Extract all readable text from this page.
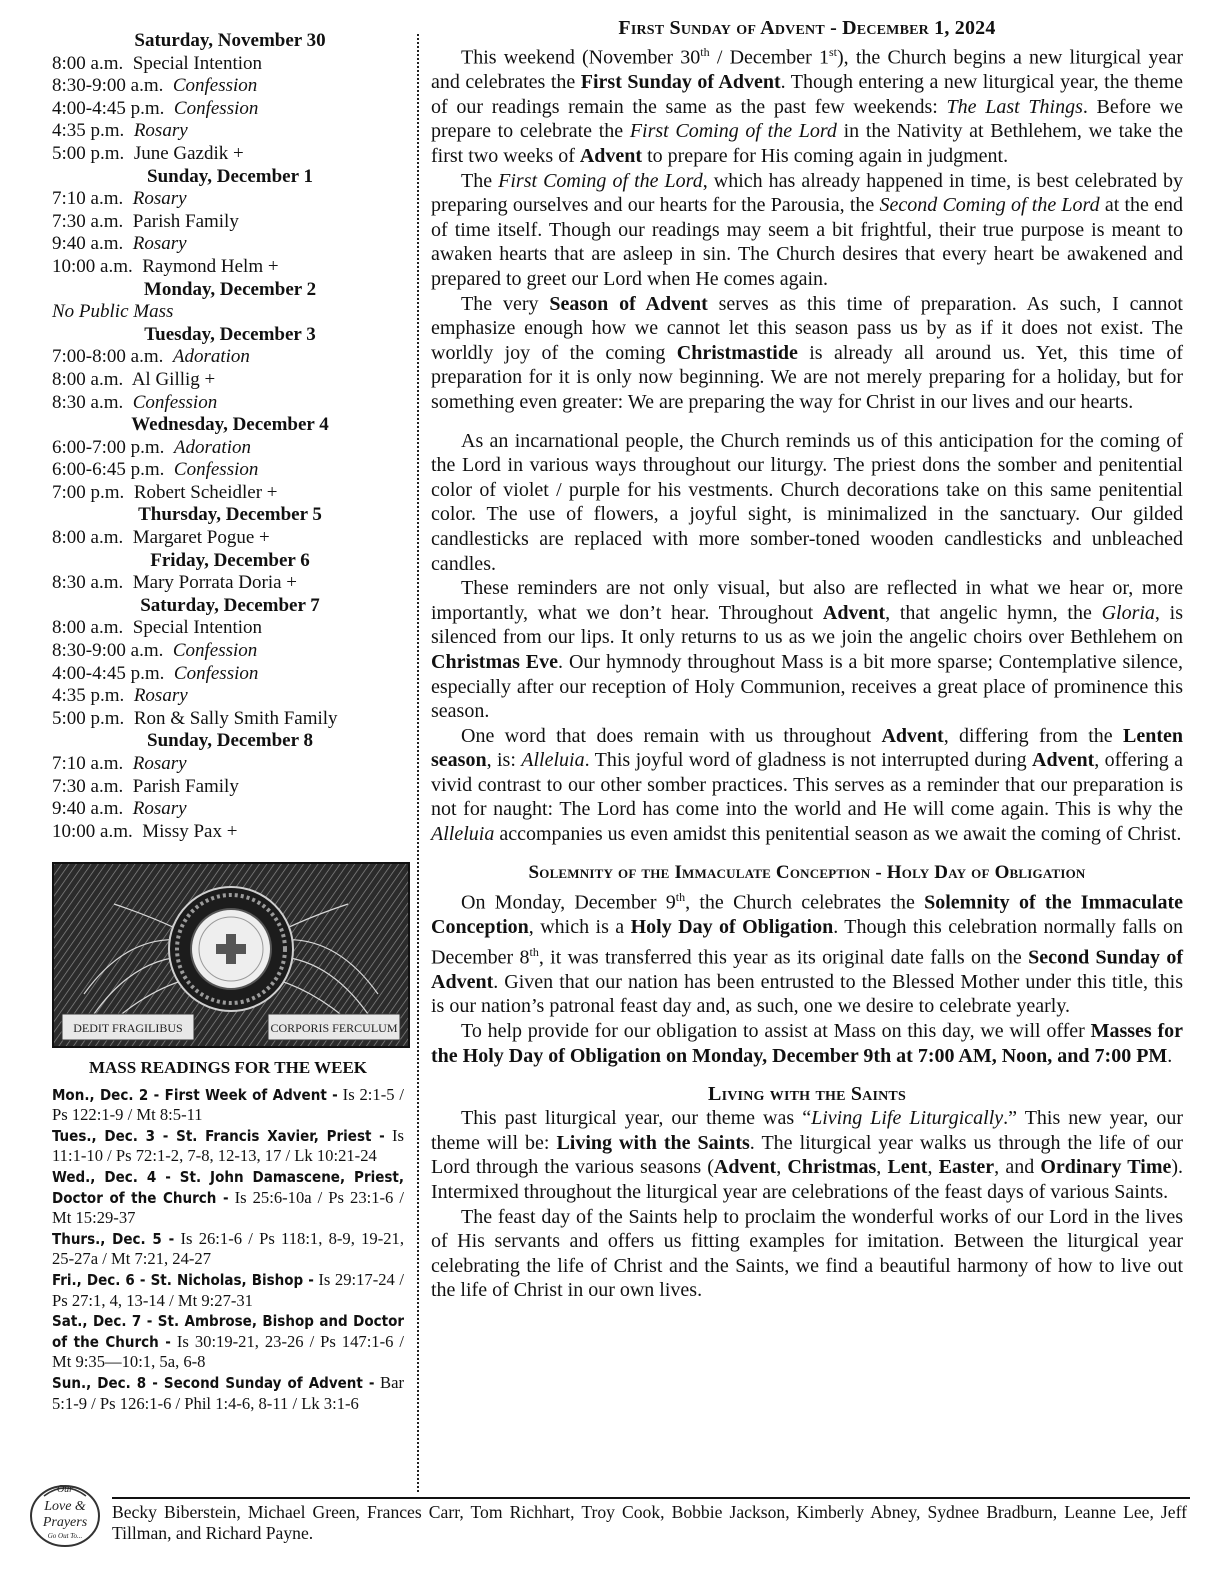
Saturday, November 30
8:00 a.m. Special Intention
8:30-9:00 a.m. Confession
4:00-4:45 p.m. Confession
4:35 p.m. Rosary
5:00 p.m. June Gazdik +
Sunday, December 1
7:10 a.m. Rosary
7:30 a.m. Parish Family
9:40 a.m. Rosary
10:00 a.m. Raymond Helm +
Monday, December 2
No Public Mass
Tuesday, December 3
7:00-8:00 a.m. Adoration
8:00 a.m. Al Gillig +
8:30 a.m. Confession
Wednesday, December 4
6:00-7:00 p.m. Adoration
6:00-6:45 p.m. Confession
7:00 p.m. Robert Scheidler +
Thursday, December 5
8:00 a.m. Margaret Pogue +
Friday, December 6
8:30 a.m. Mary Porrata Doria +
Saturday, December 7
8:00 a.m. Special Intention
8:30-9:00 a.m. Confession
4:00-4:45 p.m. Confession
4:35 p.m. Rosary
5:00 p.m. Ron & Sally Smith Family
Sunday, December 8
7:10 a.m. Rosary
7:30 a.m. Parish Family
9:40 a.m. Rosary
10:00 a.m. Missy Pax +
DEDIT FRAGILIBUS	CORPORIS FERCULUM
MASS READINGS FOR THE WEEK
Mon., Dec. 2 - First Week of Advent - Is 2:1-5 / Ps 122:1-9 / Mt 8:5-11
Tues., Dec. 3 - St. Francis Xavier, Priest - Is 11:1-10 / Ps 72:1-2, 7-8, 12-13, 17 / Lk 10:21-24
Wed., Dec. 4 - St. John Damascene, Priest, Doctor of the Church - Is 25:6-10a / Ps 23:1-6 / Mt 15:29-37
Thurs., Dec. 5 - Is 26:1-6 / Ps 118:1, 8-9, 19-21, 25-27a / Mt 7:21, 24-27
Fri., Dec. 6 - St. Nicholas, Bishop - Is 29:17-24 / Ps 27:1, 4, 13-14 / Mt 9:27-31
Sat., Dec. 7 - St. Ambrose, Bishop and Doctor of the Church - Is 30:19-21, 23-26 / Ps 147:1-6 / Mt 9:35—10:1, 5a, 6-8
Sun., Dec. 8 - Second Sunday of Advent - Bar 5:1-9 / Ps 126:1-6 / Phil 1:4-6, 8-11 / Lk 3:1-6
First Sunday of Advent - December 1, 2024

This weekend (November 30th / December 1st), the Church begins a new liturgical year and celebrates the First Sunday of Advent. Though entering a new liturgical year, the theme of our readings remain the same as the past few weekends: The Last Things. Before we prepare to celebrate the First Coming of the Lord in the Nativity at Bethlehem, we take the first two weeks of Advent to prepare for His coming again in judgment.

The First Coming of the Lord, which has already happened in time, is best celebrated by preparing ourselves and our hearts for the Parousia, the Second Coming of the Lord at the end of time itself. Though our readings may seem a bit frightful, their true purpose is meant to awaken hearts that are asleep in sin. The Church desires that every heart be awakened and prepared to greet our Lord when He comes again.

The very Season of Advent serves as this time of preparation. As such, I cannot emphasize enough how we cannot let this season pass us by as if it does not exist. The worldly joy of the coming Christmastide is already all around us. Yet, this time of preparation for it is only now beginning. We are not merely preparing for a holiday, but for something even greater: We are preparing the way for Christ in our lives and our hearts.

As an incarnational people, the Church reminds us of this anticipation for the coming of the Lord in various ways throughout our liturgy. The priest dons the somber and penitential color of violet / purple for his vestments. Church decorations take on this same penitential color. The use of flowers, a joyful sight, is minimalized in the sanctuary. Our gilded candlesticks are replaced with more somber-toned wooden candlesticks and unbleached candles.

These reminders are not only visual, but also are reflected in what we hear or, more importantly, what we don’t hear. Throughout Advent, that angelic hymn, the Gloria, is silenced from our lips. It only returns to us as we join the angelic choirs over Bethlehem on Christmas Eve. Our hymnody throughout Mass is a bit more sparse; Contemplative silence, especially after our reception of Holy Communion, receives a great place of prominence this season.

One word that does remain with us throughout Advent, differing from the Lenten season, is: Alleluia. This joyful word of gladness is not interrupted during Advent, offering a vivid contrast to our other somber practices. This serves as a reminder that our preparation is not for naught: The Lord has come into the world and He will come again. This is why the Alleluia accompanies us even amidst this penitential season as we await the coming of Christ.

Solemnity of the Immaculate Conception - Holy Day of Obligation

On Monday, December 9th, the Church celebrates the Solemnity of the Immaculate Conception, which is a Holy Day of Obligation. Though this celebration normally falls on December 8th, it was transferred this year as its original date falls on the Second Sunday of Advent. Given that our nation has been entrusted to the Blessed Mother under this title, this is our nation’s patronal feast day and, as such, one we desire to celebrate yearly.

To help provide for our obligation to assist at Mass on this day, we will offer Masses for the Holy Day of Obligation on Monday, December 9th at 7:00 AM, Noon, and 7:00 PM.

Living with the Saints

This past liturgical year, our theme was “Living Life Liturgically.” This new year, our theme will be: Living with the Saints. The liturgical year walks us through the life of our Lord through the various seasons (Advent, Christmas, Lent, Easter, and Ordinary Time). Intermixed throughout the liturgical year are celebrations of the feast days of various Saints.

The feast day of the Saints help to proclaim the wonderful works of our Lord in the lives of His servants and offers us fitting examples for imitation. Between the liturgical year celebrating the life of Christ and the Saints, we find a beautiful harmony of how to live out the life of Christ in our own lives.

Our
Love &
Prayers
Go Out To...
Becky Biberstein, Michael Green, Frances Carr, Tom Richhart, Troy Cook, Bobbie Jackson, Kimberly Abney, Sydnee Bradburn, Leanne Lee, Jeff Tillman, and Richard Payne.
